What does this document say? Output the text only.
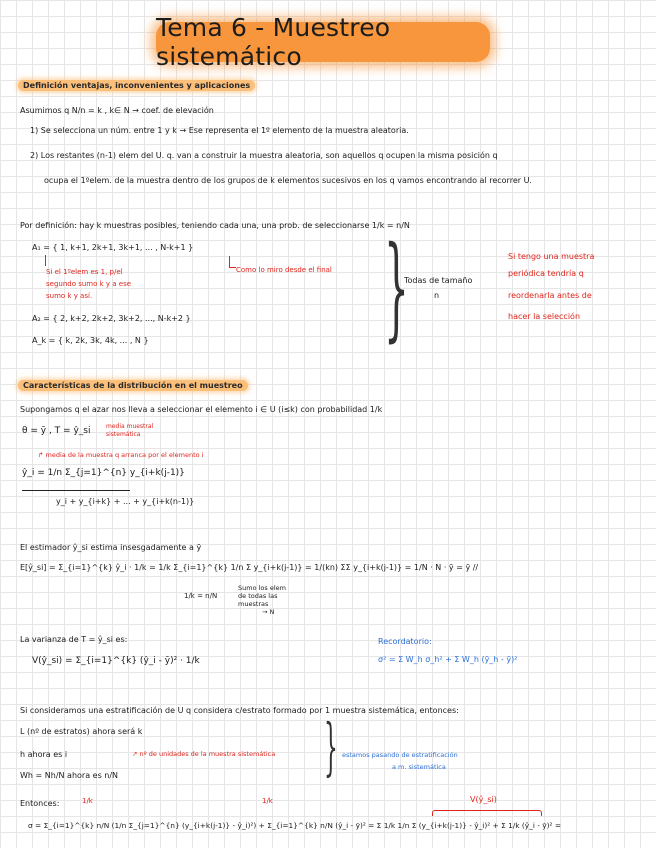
Tema 6 - Muestreo sistemático
Definición ventajas, inconvenientes y aplicaciones
Asumimos q N/n = k , k∈ N → coef. de elevación
1) Se selecciona un núm. entre 1 y k → Ese representa el 1º elemento de la muestra aleatoria.
2) Los restantes (n-1) elem del U. q. van a construir la muestra aleatoria, son aquellos q ocupen la misma posición q
ocupa el 1ºelem. de la muestra dentro de los grupos de k elementos sucesivos en los q vamos encontrando al recorrer U.
Por definición: hay k muestras posibles, teniendo cada una, una prob. de seleccionarse 1/k = n/N
A₁ = { 1, k+1, 2k+1, 3k+1, ... , N-k+1 }
Si el 1ºelem es 1, p/el
segundo sumo k y a ese
sumo k y así.
Como lo miro desde el final
A₂ = { 2, k+2, 2k+2, 3k+2, ..., N-k+2 }
A_k = { k, 2k, 3k, 4k, ... , N } }
Todas de tamaño
n
Si tengo una muestra
periódica tendría q
reordenarla antes de
hacer la selección
Características de la distribución en el muestreo
Supongamos q el azar nos lleva a seleccionar el elemento i ∈ U (i≤k) con probabilidad 1/k
θ = ȳ , T = ŷ_si	media muestral
sistemática
↱ media de la muestra q arranca por el elemento i
ŷ_i = 1/n Σ_{j=1}^{n} y_{i+k(j-1)}
y_i + y_{i+k} + ... + y_{i+k(n-1)}
El estimador ŷ_si estima insesgadamente a ȳ
E[ŷ_si] = Σ_{i=1}^{k} ŷ_i · 1/k = 1/k Σ_{i=1}^{k} 1/n Σ y_{i+k(j-1)} = 1/(kn) ΣΣ y_{i+k(j-1)} = 1/N · N · ȳ = ȳ //
1/k = n/N
Sumo los elem
de todas las
muestras
→ N
La varianza de T = ŷ_si es:
V(ŷ_si) = Σ_{i=1}^{k} (ŷ_i - ȳ)² · 1/k
Recordatorio:
σ² = Σ W_h σ_h² + Σ W_h (ȳ_h - ȳ)²
Si consideramos una estratificación de U q considera c/estrato formado por 1 muestra sistemática, entonces:
L (nº de estratos) ahora será k
h ahora es i	↗ nº de unidades de la muestra sistemática
Wh = Nh/N ahora es n/N	} estamos pasando de estratificación
a m. sistemática
Entonces:	1/k	1/k	V(ŷ_si)
σ = Σ_{i=1}^{k} n/N (1/n Σ_{j=1}^{n} (y_{i+k(j-1)} - ŷ_i)²) + Σ_{i=1}^{k} n/N (ŷ_i - ȳ)² = Σ 1/k 1/n Σ (y_{i+k(j-1)} - ŷ_i)² + Σ 1/k (ŷ_i - ȳ)² =
